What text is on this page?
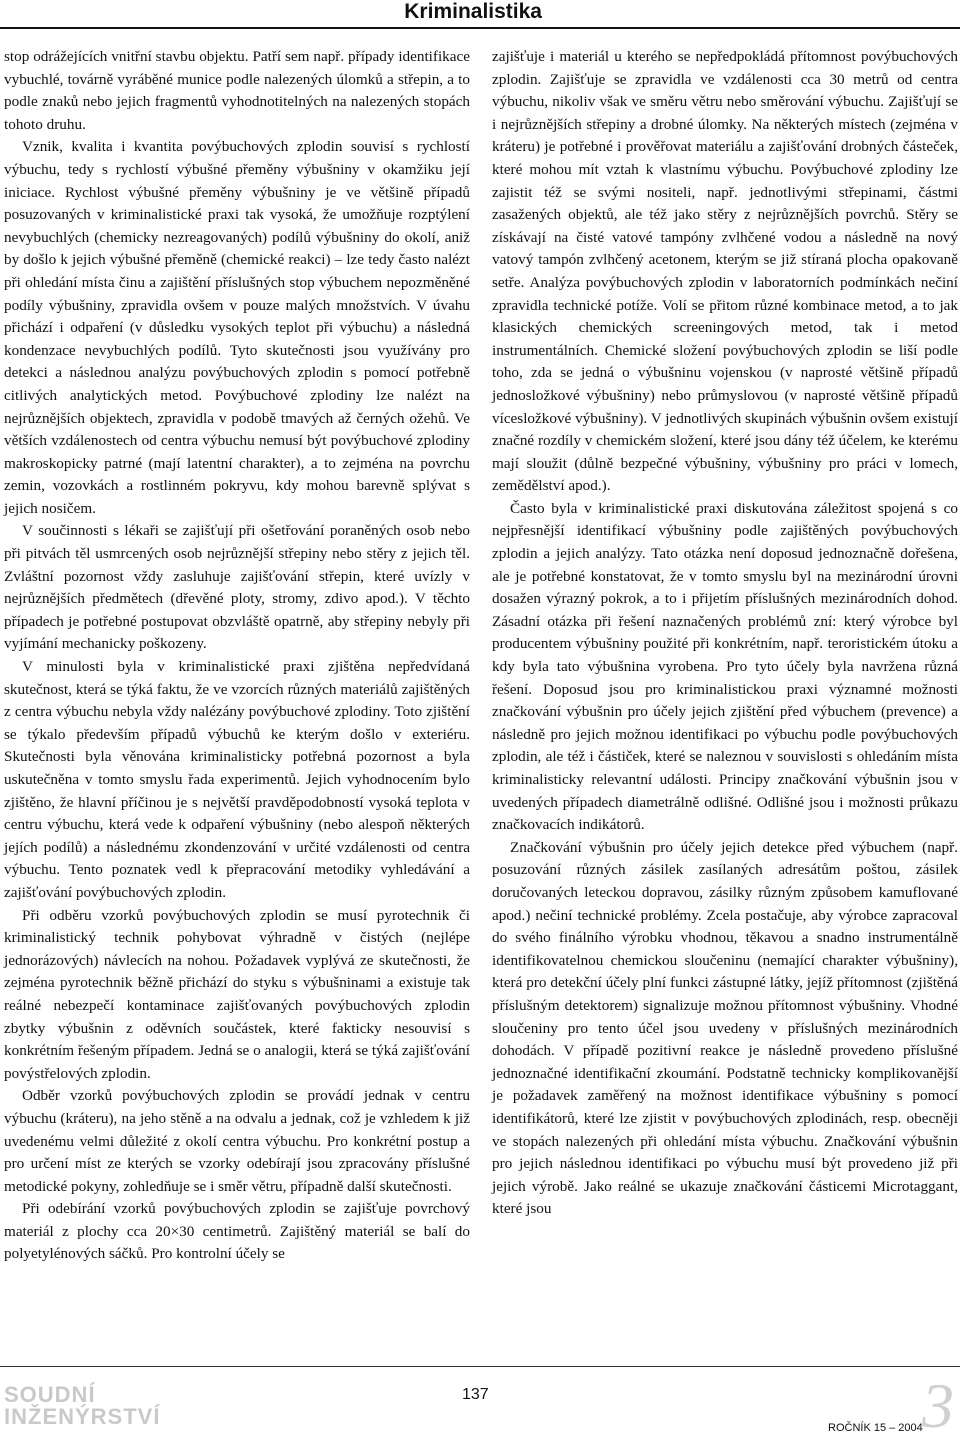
Kriminalistika

stop odrážejících vnitřní stavbu objektu. Patří sem např. případy identifikace vybuchlé, továrně vyráběné munice podle nalezených úlomků a střepin, a to podle znaků nebo jejich fragmentů vyhodnotitelných na nalezených stopách tohoto druhu.

Vznik, kvalita i kvantita povýbuchových zplodin souvisí s rychlostí výbuchu, tedy s rychlostí výbušné přeměny výbušniny v okamžiku její iniciace. Rychlost výbušné přeměny výbušniny je ve většině případů posuzovaných v kriminalistické praxi tak vysoká, že umožňuje rozptýlení nevybuchlých (chemicky nezreagovaných) podílů výbušniny do okolí, aniž by došlo k jejich výbušné přeměně (chemické reakci) – lze tedy často nalézt při ohledání místa činu a zajištění příslušných stop výbuchem nepozměněné podíly výbušniny, zpravidla ovšem v pouze malých množstvích. V úvahu přichází i odpaření (v důsledku vysokých teplot při výbuchu) a následná kondenzace nevybuchlých podílů. Tyto skutečnosti jsou využívány pro detekci a následnou analýzu povýbuchových zplodin s pomocí potřebně citlivých analytických metod. Povýbuchové zplodiny lze nalézt na nejrůznějších objektech, zpravidla v podobě tmavých až černých ožehů. Ve větších vzdálenostech od centra výbuchu nemusí být povýbuchové zplodiny makroskopicky patrné (mají latentní charakter), a to zejména na povrchu zemin, vozovkách a rostlinném pokryvu, kdy mohou barevně splývat s jejich nosičem.

V součinnosti s lékaři se zajišťují při ošetřování poraněných osob nebo při pitvách těl usmrcených osob nejrůznější střepiny nebo stěry z jejich těl. Zvláštní pozornost vždy zasluhuje zajišťování střepin, které uvízly v nejrůznějších předmětech (dřevěné ploty, stromy, zdivo apod.). V těchto případech je potřebné postupovat obzvláště opatrně, aby střepiny nebyly při vyjímání mechanicky poškozeny.

V minulosti byla v kriminalistické praxi zjištěna nepředvídaná skutečnost, která se týká faktu, že ve vzorcích různých materiálů zajištěných z centra výbuchu nebyla vždy nalézány povýbuchové zplodiny. Toto zjištění se týkalo především případů výbuchů ke kterým došlo v exteriéru. Skutečnosti byla věnována kriminalisticky potřebná pozornost a byla uskutečněna v tomto smyslu řada experimentů. Jejich vyhodnocením bylo zjištěno, že hlavní příčinou je s největší pravděpodobností vysoká teplota v centru výbuchu, která vede k odpaření výbušniny (nebo alespoň některých jejích podílů) a následnému zkondenzování v určité vzdálenosti od centra výbuchu. Tento poznatek vedl k přepracování metodiky vyhledávání a zajišťování povýbuchových zplodin.

Při odběru vzorků povýbuchových zplodin se musí pyrotechnik či kriminalistický technik pohybovat výhradně v čistých (nejlépe jednorázových) návlecích na nohou. Požadavek vyplývá ze skutečnosti, že zejména pyrotechnik běžně přichází do styku s výbušninami a existuje tak reálné nebezpečí kontaminace zajišťovaných povýbuchových zplodin zbytky výbušnin z oděvních součástek, které fakticky nesouvisí s konkrétním řešeným případem. Jedná se o analogii, která se týká zajišťování povýstřelových zplodin.

Odběr vzorků povýbuchových zplodin se provádí jednak v centru výbuchu (kráteru), na jeho stěně a na odvalu a jednak, což je vzhledem k již uvedenému velmi důležité z okolí centra výbuchu. Pro konkrétní postup a pro určení míst ze kterých se vzorky odebírají jsou zpracovány příslušné metodické pokyny, zohledňuje se i směr větru, případně další skutečnosti.

Při odebírání vzorků povýbuchových zplodin se zajišťuje povrchový materiál z plochy cca 20×30 centimetrů. Zajištěný materiál se balí do polyetylénových sáčků. Pro kontrolní účely se

zajišťuje i materiál u kterého se nepředpokládá přítomnost povýbuchových zplodin. Zajišťuje se zpravidla ve vzdálenosti cca 30 metrů od centra výbuchu, nikoliv však ve směru větru nebo směrování výbuchu. Zajišťují se i nejrůznějších střepiny a drobné úlomky. Na některých místech (zejména v kráteru) je potřebné i prověřovat materiálu a zajišťování drobných částeček, které mohou mít vztah k vlastnímu výbuchu. Povýbuchové zplodiny lze zajistit též se svými nositeli, např. jednotlivými střepinami, částmi zasažených objektů, ale též jako stěry z nejrůznějších povrchů. Stěry se získávají na čisté vatové tampóny zvlhčené vodou a následně na nový vatový tampón zvlhčený acetonem, kterým se již stíraná plocha opakovaně setře. Analýza povýbuchových zplodin v laboratorních podmínkách nečiní zpravidla technické potíže. Volí se přitom různé kombinace metod, a to jak klasických chemických screeningových metod, tak i metod instrumentálních. Chemické složení povýbuchových zplodin se liší podle toho, zda se jedná o výbušninu vojenskou (v naprosté většině případů jednosložkové výbušniny) nebo průmyslovou (v naprosté většině případů vícesložkové výbušniny). V jednotlivých skupinách výbušnin ovšem existují značné rozdíly v chemickém složení, které jsou dány též účelem, ke kterému mají sloužit (důlně bezpečné výbušniny, výbušniny pro práci v lomech, zemědělství apod.).

Často byla v kriminalistické praxi diskutována záležitost spojená s co nejpřesnější identifikací výbušniny podle zajištěných povýbuchových zplodin a jejich analýzy. Tato otázka není doposud jednoznačně dořešena, ale je potřebné konstatovat, že v tomto smyslu byl na mezinárodní úrovni dosažen výrazný pokrok, a to i přijetím příslušných mezinárodních dohod. Zásadní otázka při řešení naznačených problémů zní: který výrobce byl producentem výbušniny použité při konkrétním, např. teroristickém útoku a kdy byla tato výbušnina vyrobena. Pro tyto účely byla navržena různá řešení. Doposud jsou pro kriminalistickou praxi významné možnosti značkování výbušnin pro účely jejich zjištění před výbuchem (prevence) a následně pro jejich možnou identifikaci po výbuchu podle povýbuchových zplodin, ale též i částiček, které se naleznou v souvislosti s ohledáním místa kriminalisticky relevantní události. Principy značkování výbušnin jsou v uvedených případech diametrálně odlišné. Odlišné jsou i možnosti průkazu značkovacích indikátorů.

Značkování výbušnin pro účely jejich detekce před výbuchem (např. posuzování různých zásilek zasílaných adresátům poštou, zásilek doručovaných leteckou dopravou, zásilky různým způsobem kamuflované apod.) nečiní technické problémy. Zcela postačuje, aby výrobce zapracoval do svého finálního výrobku vhodnou, těkavou a snadno instrumentálně identifikovatelnou chemickou sloučeninu (nemající charakter výbušniny), která pro detekční účely plní funkci zástupné látky, jejíž přítomnost (zjištěná příslušným detektorem) signalizuje možnou přítomnost výbušniny. Vhodné sloučeniny pro tento účel jsou uvedeny v příslušných mezinárodních dohodách. V případě pozitivní reakce je následně provedeno příslušné jednoznačné identifikační zkoumání. Podstatně technicky komplikovanější je požadavek zaměřený na možnost identifikace výbušniny s pomocí identifikátorů, které lze zjistit v povýbuchových zplodinách, resp. obecněji ve stopách nalezených při ohledání místa výbuchu. Značkování výbušnin pro jejich následnou identifikaci po výbuchu musí být provedeno již při jejich výrobě. Jako reálné se ukazuje značkování částicemi Microtaggant, které jsou

SOUDNÍ
INŽENÝRSTVÍ
137
ROČNÍK 15 – 2004 3
